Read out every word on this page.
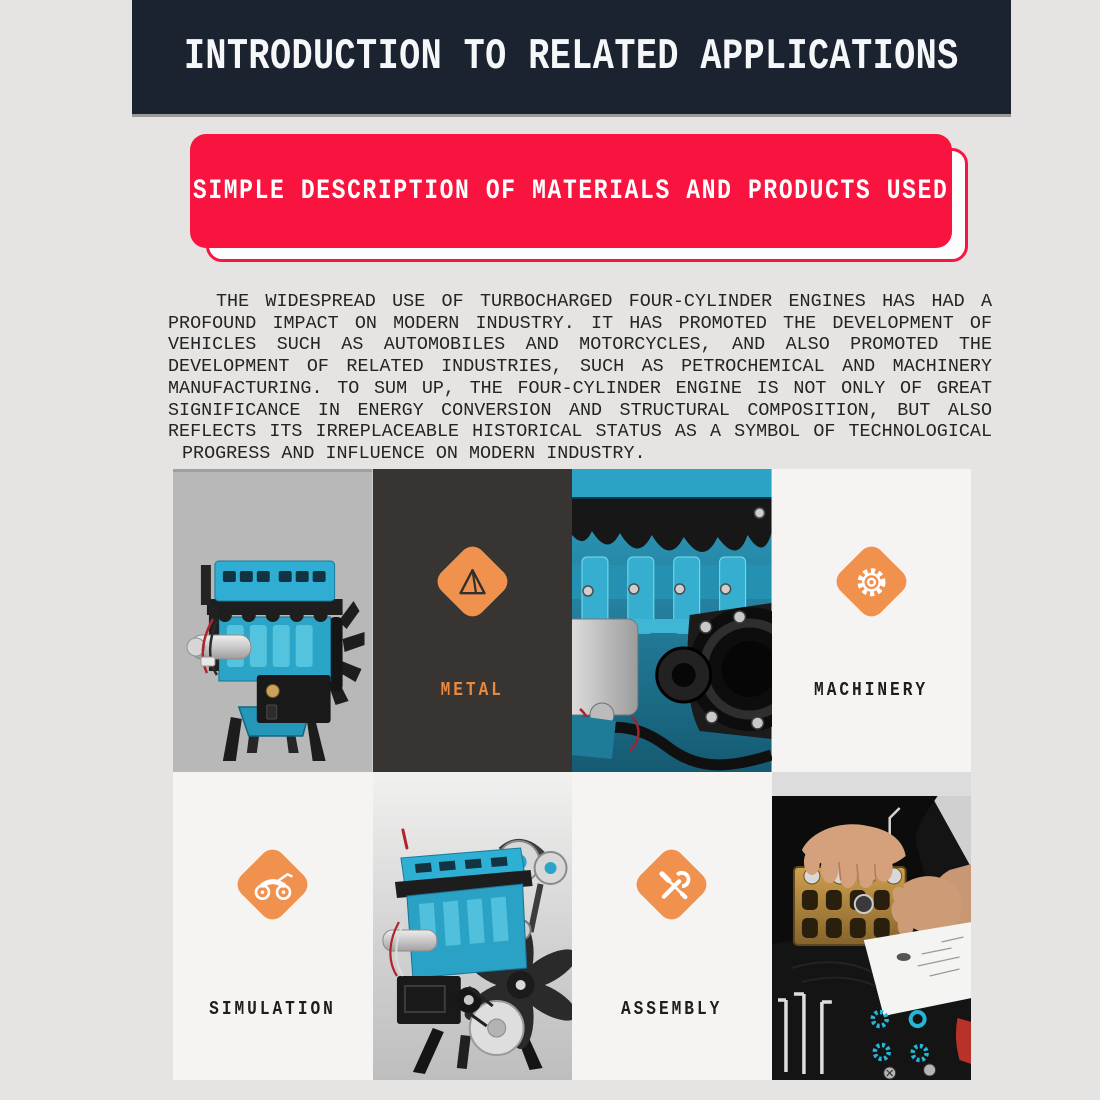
INTRODUCTION TO RELATED APPLICATIONS
SIMPLE DESCRIPTION OF MATERIALS AND PRODUCTS USED
THE WIDESPREAD USE OF TURBOCHARGED FOUR-CYLINDER ENGINES HAS HAD A
PROFOUND IMPACT ON MODERN INDUSTRY. IT HAS PROMOTED THE DEVELOPMENT OF
VEHICLES SUCH AS AUTOMOBILES AND MOTORCYCLES, AND ALSO PROMOTED THE
DEVELOPMENT OF RELATED INDUSTRIES, SUCH AS PETROCHEMICAL AND MACHINERY
MANUFACTURING. TO SUM UP, THE FOUR-CYLINDER ENGINE IS NOT ONLY OF GREAT
SIGNIFICANCE IN ENERGY CONVERSION AND STRUCTURAL COMPOSITION, BUT ALSO
REFLECTS ITS IRREPLACEABLE HISTORICAL STATUS AS A SYMBOL OF TECHNOLOGICAL
PROGRESS AND INFLUENCE ON MODERN INDUSTRY.
METAL	MACHINERY
SIMULATION	ASSEMBLY
